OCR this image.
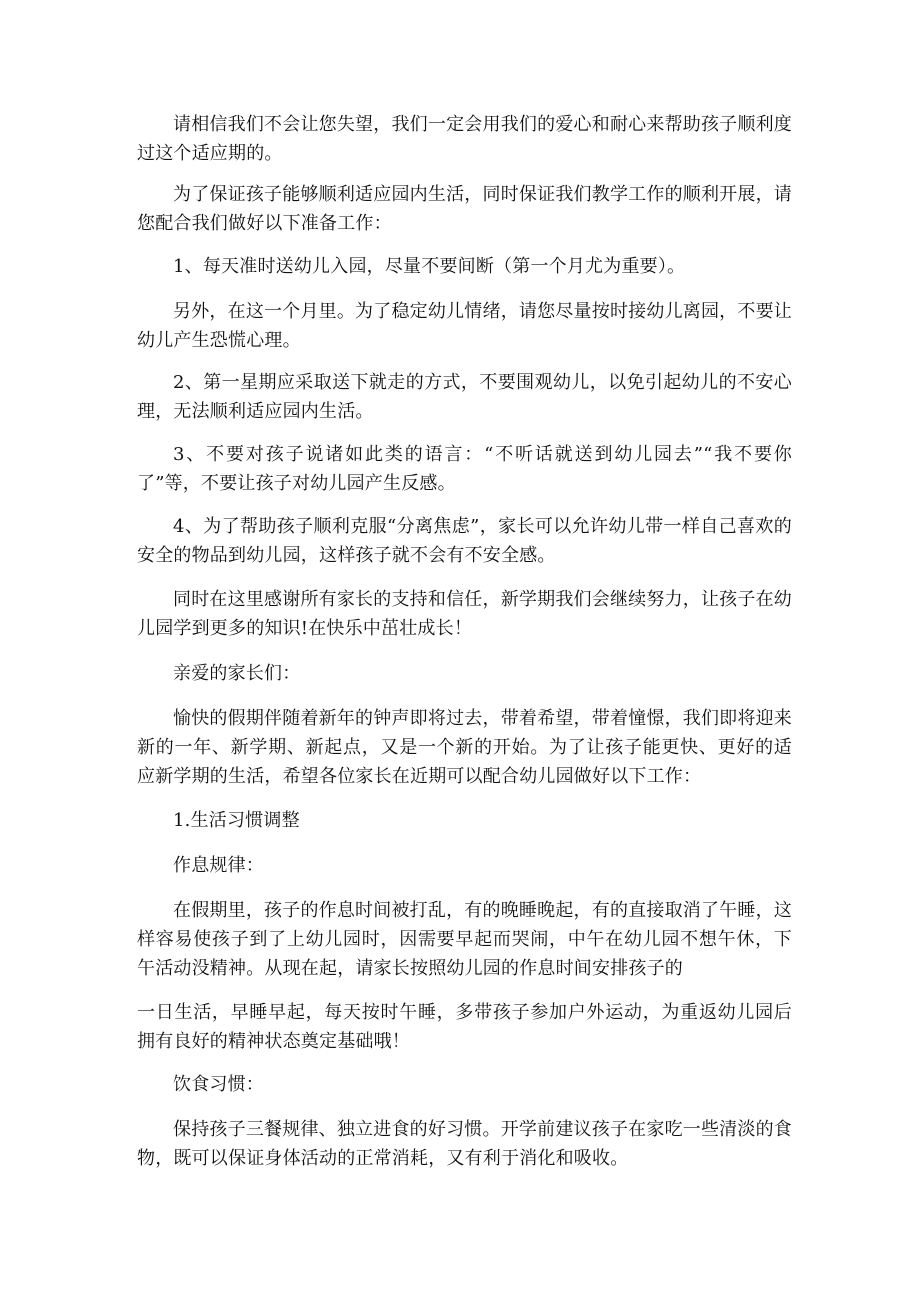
请相信我们不会让您失望，我们一定会用我们的爱心和耐心来帮助孩子顺利度过这个适应期的。

为了保证孩子能够顺利适应园内生活，同时保证我们教学工作的顺利开展，请您配合我们做好以下准备工作：

1、每天准时送幼儿入园，尽量不要间断（第一个月尤为重要）。

另外，在这一个月里。为了稳定幼儿情绪，请您尽量按时接幼儿离园，不要让幼儿产生恐慌心理。

2、第一星期应采取送下就走的方式，不要围观幼儿，以免引起幼儿的不安心理，无法顺利适应园内生活。

3、不要对孩子说诸如此类的语言：“不听话就送到幼儿园去”“我不要你了”等，不要让孩子对幼儿园产生反感。

4、为了帮助孩子顺利克服“分离焦虑”，家长可以允许幼儿带一样自己喜欢的安全的物品到幼儿园，这样孩子就不会有不安全感。

同时在这里感谢所有家长的支持和信任，新学期我们会继续努力，让孩子在幼儿园学到更多的知识!在快乐中茁壮成长！

亲爱的家长们：

愉快的假期伴随着新年的钟声即将过去，带着希望，带着憧憬，我们即将迎来新的一年、新学期、新起点，又是一个新的开始。为了让孩子能更快、更好的适应新学期的生活，希望各位家长在近期可以配合幼儿园做好以下工作：

1.生活习惯调整

作息规律：

在假期里，孩子的作息时间被打乱，有的晚睡晚起，有的直接取消了午睡，这样容易使孩子到了上幼儿园时，因需要早起而哭闹，中午在幼儿园不想午休，下午活动没精神。从现在起，请家长按照幼儿园的作息时间安排孩子的

一日生活，早睡早起，每天按时午睡，多带孩子参加户外运动，为重返幼儿园后拥有良好的精神状态奠定基础哦！

饮食习惯：

保持孩子三餐规律、独立进食的好习惯。开学前建议孩子在家吃一些清淡的食物，既可以保证身体活动的正常消耗，又有利于消化和吸收。
